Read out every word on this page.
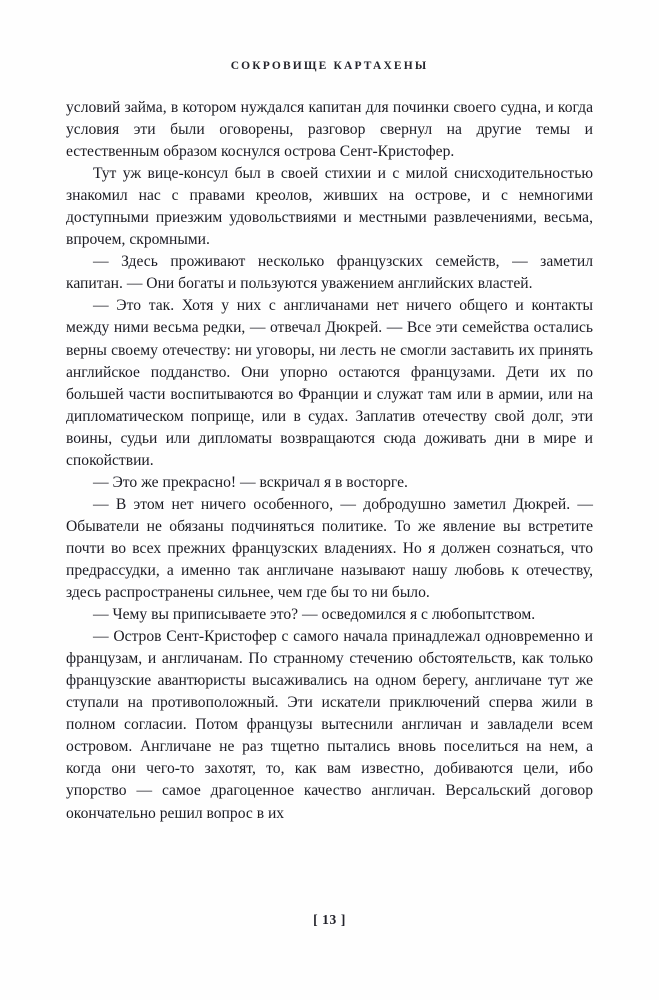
СОКРОВИЩЕ КАРТАХЕНЫ

условий займа, в котором нуждался капитан для починки своего судна, и когда условия эти были оговорены, разговор свернул на другие темы и естественным образом коснулся острова Сент-Кристофер.

Тут уж вице-консул был в своей стихии и с милой снисходительностью знакомил нас с правами креолов, живших на острове, и с немногими доступными приезжим удовольствиями и местными развлечениями, весьма, впрочем, скромными.

— Здесь проживают несколько французских семейств, — заметил капитан. — Они богаты и пользуются уважением английских властей.

— Это так. Хотя у них с англичанами нет ничего общего и контакты между ними весьма редки, — отвечал Дюкрей. — Все эти семейства остались верны своему отечеству: ни уговоры, ни лесть не смогли заставить их принять английское подданство. Они упорно остаются французами. Дети их по большей части воспитываются во Франции и служат там или в армии, или на дипломатическом поприще, или в судах. Заплатив отечеству свой долг, эти воины, судьи или дипломаты возвращаются сюда доживать дни в мире и спокойствии.

— Это же прекрасно! — вскричал я в восторге.

— В этом нет ничего особенного, — добродушно заметил Дюкрей. — Обыватели не обязаны подчиняться политике. То же явление вы встретите почти во всех прежних французских владениях. Но я должен сознаться, что предрассудки, а именно так англичане называют нашу любовь к отечеству, здесь распространены сильнее, чем где бы то ни было.

— Чему вы приписываете это? — осведомился я с любопытством.

— Остров Сент-Кристофер с самого начала принадлежал одновременно и французам, и англичанам. По странному стечению обстоятельств, как только французские авантюристы высаживались на одном берегу, англичане тут же ступали на противоположный. Эти искатели приключений сперва жили в полном согласии. Потом французы вытеснили англичан и завладели всем островом. Англичане не раз тщетно пытались вновь поселиться на нем, а когда они чего-то захотят, то, как вам известно, добиваются цели, ибо упорство — самое драгоценное качество англичан. Версальский договор окончательно решил вопрос в их

[ 13 ]
